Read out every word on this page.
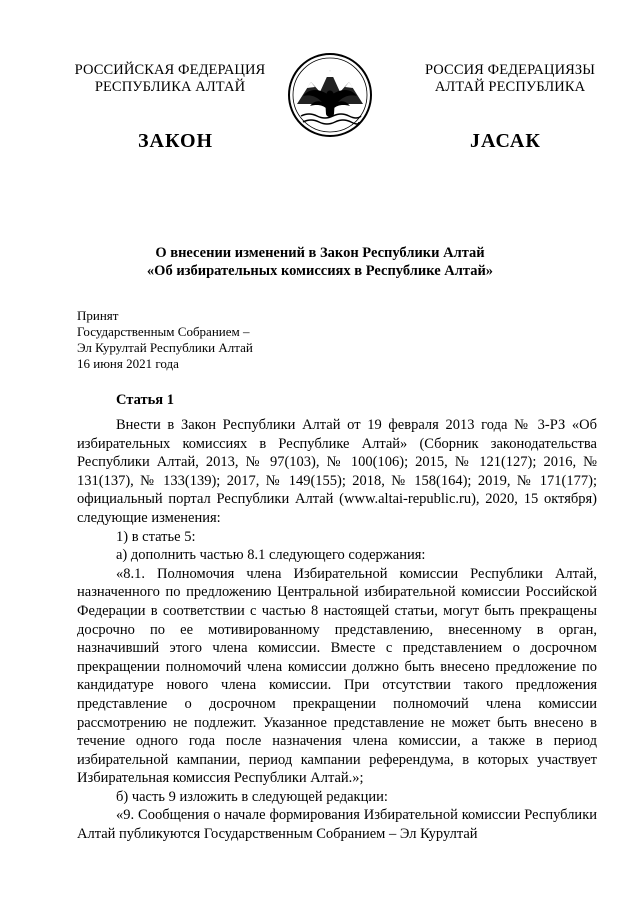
РОССИЙСКАЯ ФЕДЕРАЦИЯ
РЕСПУБЛИКА АЛТАЙ
РОССИЯ ФЕДЕРАЦИЯЗЫ
АЛТАЙ РЕСПУБЛИКА
ЗАКОН	ЈАСАК
О внесении изменений в Закон Республики Алтай
«Об избирательных комиссиях в Республике Алтай»
Принят
Государственным Собранием –
Эл Курултай Республики Алтай
16 июня 2021 года
Статья 1

Внести в Закон Республики Алтай от 19 февраля 2013 года № 3-РЗ «Об избирательных комиссиях в Республике Алтай» (Сборник законодательства Республики Алтай, 2013, № 97(103), № 100(106); 2015, № 121(127); 2016, № 131(137), № 133(139); 2017, № 149(155); 2018, № 158(164); 2019, № 171(177); официальный портал Республики Алтай (www.altai-republic.ru), 2020, 15 октября) следующие изменения:

1) в статье 5:

а) дополнить частью 8.1 следующего содержания:

«8.1. Полномочия члена Избирательной комиссии Республики Алтай, назначенного по предложению Центральной избирательной комиссии Российской Федерации в соответствии с частью 8 настоящей статьи, могут быть прекращены досрочно по ее мотивированному представлению, внесенному в орган, назначивший этого члена комиссии. Вместе с представлением о досрочном прекращении полномочий члена комиссии должно быть внесено предложение по кандидатуре нового члена комиссии. При отсутствии такого предложения представление о досрочном прекращении полномочий члена комиссии рассмотрению не подлежит. Указанное представление не может быть внесено в течение одного года после назначения члена комиссии, а также в период избирательной кампании, период кампании референдума, в которых участвует Избирательная комиссия Республики Алтай.»;

б) часть 9 изложить в следующей редакции:

«9. Сообщения о начале формирования Избирательной комиссии Республики Алтай публикуются Государственным Собранием – Эл Курултай
